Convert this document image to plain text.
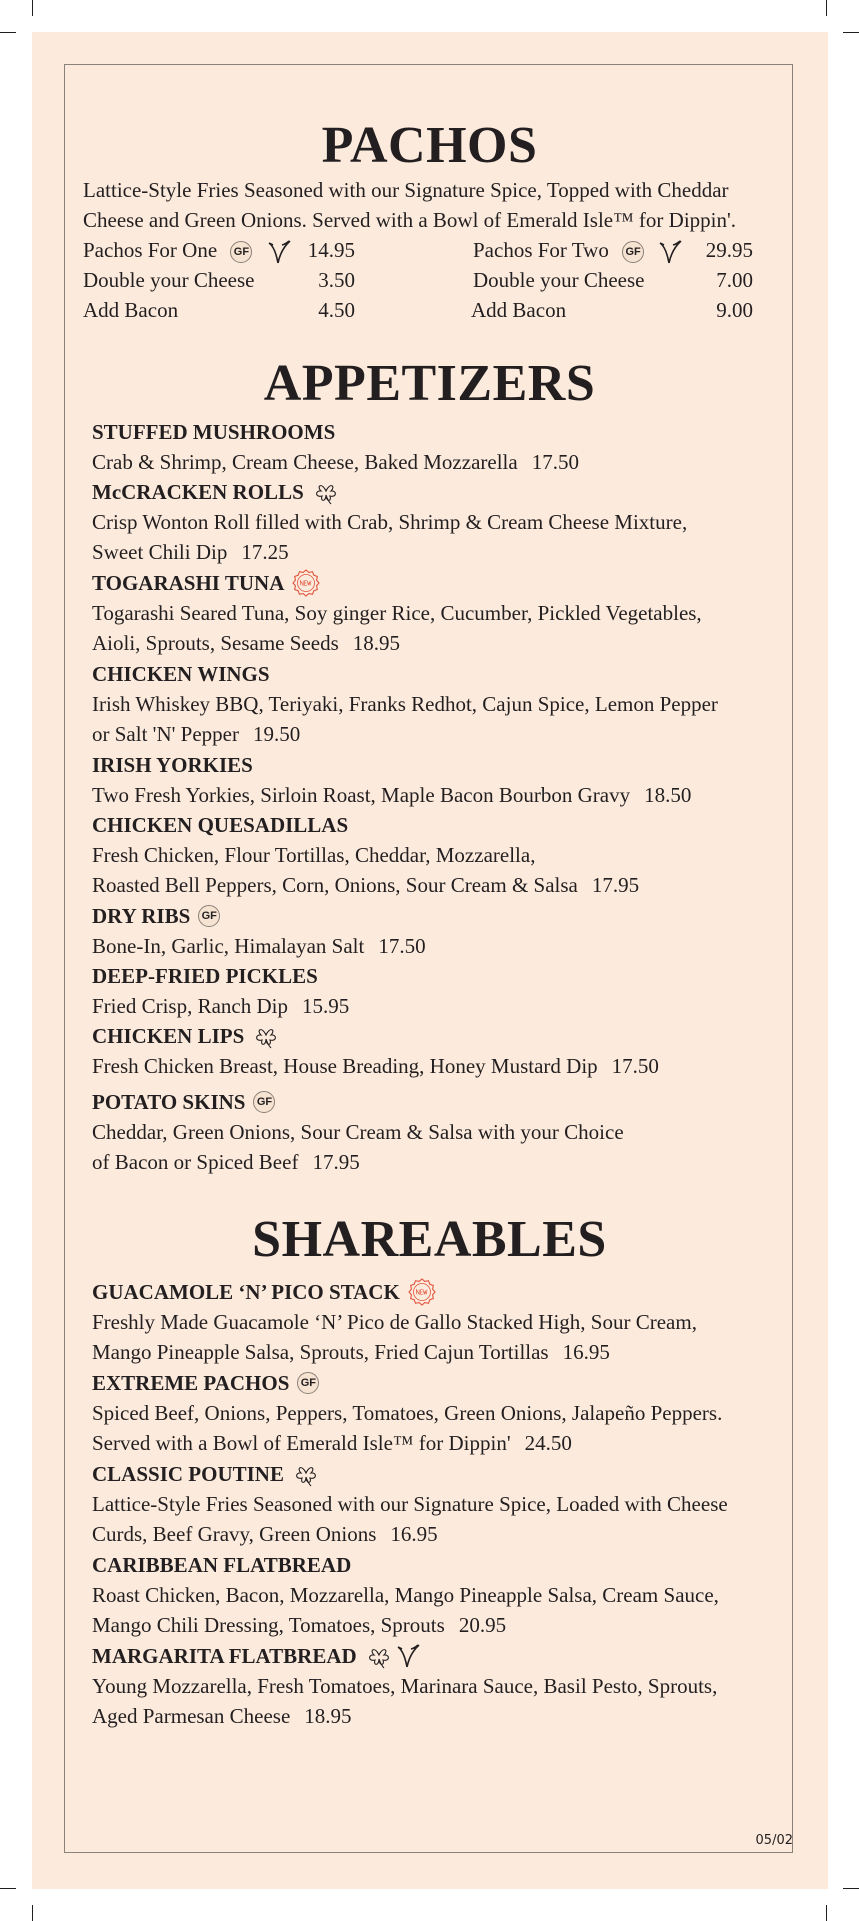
PACHOS
Lattice-Style Fries Seasoned with our Signature Spice, Topped with Cheddar
Cheese and Green Onions. Served with a Bowl of Emerald Isle™ for Dippin'.
Pachos For One GF	14.95
Double your Cheese	3.50
Add Bacon	4.50
Pachos For Two GF	29.95
Double your Cheese	7.00
Add Bacon	9.00
APPETIZERS
SHAREABLES
STUFFED MUSHROOMS
Crab & Shrimp, Cream Cheese, Baked Mozzarella 17.50
McCRACKEN ROLLS
Crisp Wonton Roll filled with Crab, Shrimp & Cream Cheese Mixture,
Sweet Chili Dip 17.25
TOGARASHI TUNA
Togarashi Seared Tuna, Soy ginger Rice, Cucumber, Pickled Vegetables,
Aioli, Sprouts, Sesame Seeds 18.95
CHICKEN WINGS
Irish Whiskey BBQ, Teriyaki, Franks Redhot, Cajun Spice, Lemon Pepper
or Salt 'N' Pepper 19.50
IRISH YORKIES
Two Fresh Yorkies, Sirloin Roast, Maple Bacon Bourbon Gravy 18.50
CHICKEN QUESADILLAS
Fresh Chicken, Flour Tortillas, Cheddar, Mozzarella,
Roasted Bell Peppers, Corn, Onions, Sour Cream & Salsa 17.95
DRY RIBS	GF
Bone-In, Garlic, Himalayan Salt 17.50
DEEP-FRIED PICKLES
Fried Crisp, Ranch Dip 15.95
CHICKEN LIPS
Fresh Chicken Breast, House Breading, Honey Mustard Dip 17.50
POTATO SKINS	GF
Cheddar, Green Onions, Sour Cream & Salsa with your Choice
of Bacon or Spiced Beef 17.95
GUACAMOLE ‘N’ PICO STACK
Freshly Made Guacamole ‘N’ Pico de Gallo Stacked High, Sour Cream,
Mango Pineapple Salsa, Sprouts, Fried Cajun Tortillas 16.95
EXTREME PACHOS	GF
Spiced Beef, Onions, Peppers, Tomatoes, Green Onions, Jalapeño Peppers.
Served with a Bowl of Emerald Isle™ for Dippin' 24.50
CLASSIC POUTINE
Lattice-Style Fries Seasoned with our Signature Spice, Loaded with Cheese
Curds, Beef Gravy, Green Onions 16.95
CARIBBEAN FLATBREAD
Roast Chicken, Bacon, Mozzarella, Mango Pineapple Salsa, Cream Sauce,
Mango Chili Dressing, Tomatoes, Sprouts 20.95
MARGARITA FLATBREAD
Young Mozzarella, Fresh Tomatoes, Marinara Sauce, Basil Pesto, Sprouts,
Aged Parmesan Cheese 18.95
05/02
